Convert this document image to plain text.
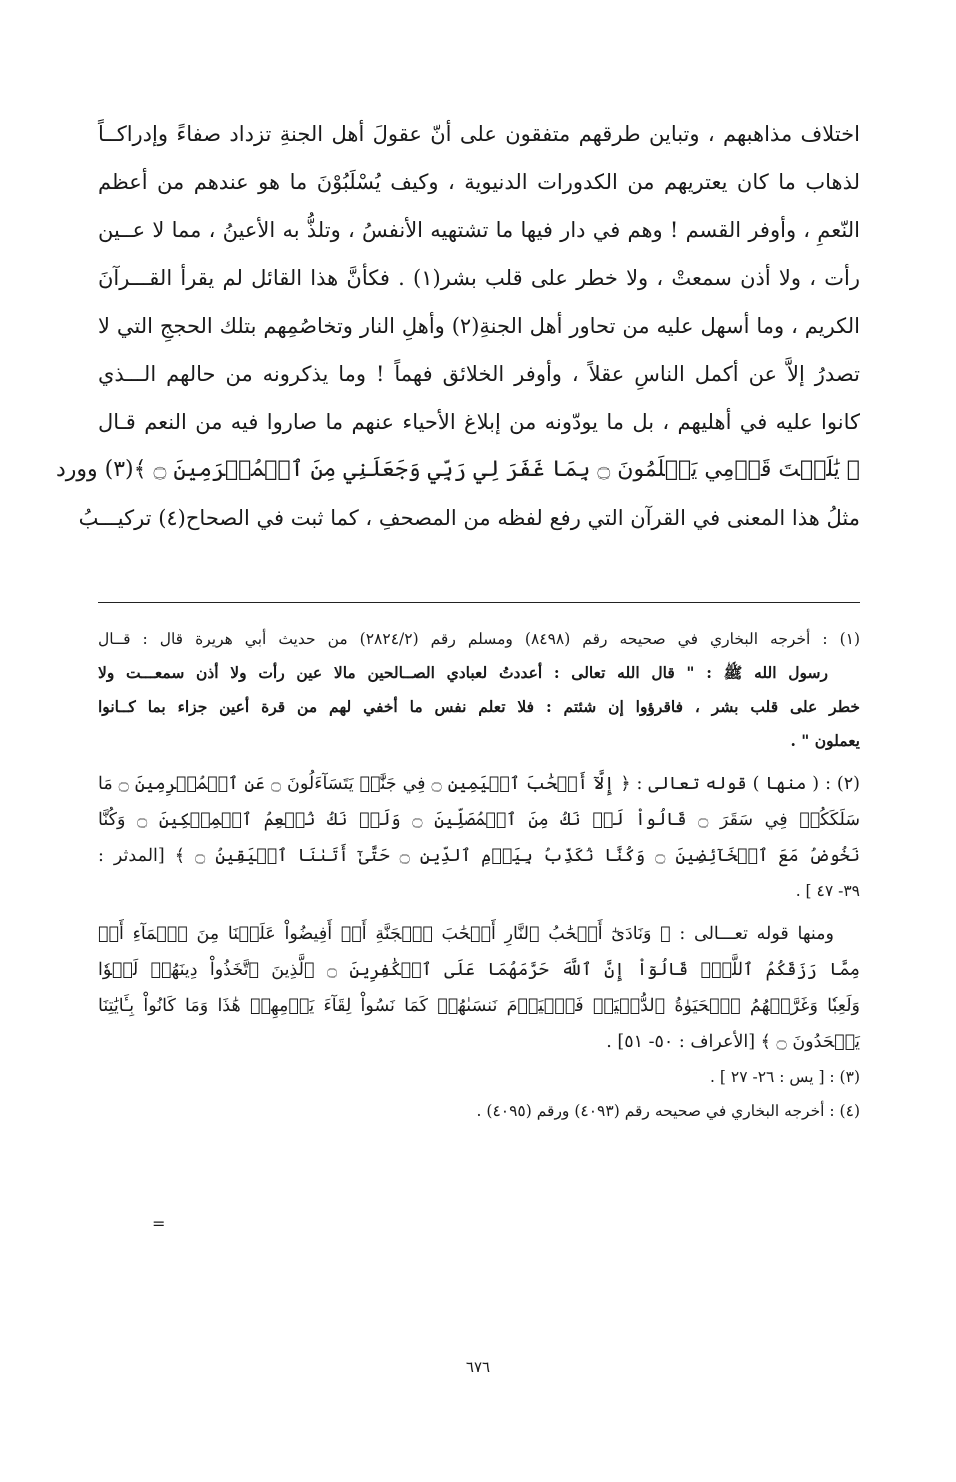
اختلاف مذاهبهم ، وتباين طرقهم متفقون على أنّ عقولَ أهل الجنةِ تزداد صفاءً وإدراكــاً
لذهاب ما كان يعتريهم من الكدورات الدنيوية ، وكيف يُسْلَبُوْنَ ما هو عندهم من أعظم
النّعمِ ، وأوفر القسم ! وهم في دار فيها ما تشتهيه الأنفسُ ، وتلذُّ به الأعينُ ، مما لا عــين
رأت ، ولا أذن سمعتْ ، ولا خطر على قلب بشر(١) . فكأنَّ هذا القائل لم يقرأ القـــرآنَ
الكريم ، وما أسهل عليه من تحاور أهل الجنةِ(٢) وأهلِ النار وتخاصُمِهم بتلك الحججِ التي لا
تصدرُ إلاَّ عن أكمل الناسِ عقلاً ، وأوفر الخلائق فهماً ! وما يذكرونه من حالهم الـــذي
كانوا عليه في أهليهم ، بل ما يودّونه من إبلاغ الأحياء عنهم ما صاروا فيه من النعم قـال
﴿ يَٰلَيۡتَ قَوۡمِي يَعۡلَمُونَ ۝ بِمَا غَفَرَ لِي رَبِّي وَجَعَلَنِي مِنَ ٱلۡمُكۡرَمِينَ ۝ ﴾(٣) وورد
مثلُ هذا المعنى في القرآن التي رفع لفظه من المصحفِ ، كما ثبت في الصحاح(٤) تركيـــبُ
(١) : أخرجه البخاري في صحيحه رقم (٨٤٩٨) ومسلم رقم (٢٨٢٤/٢) من حديث أبي هريرة قال : قــال
رسول الله ﷺ : " قال الله تعالى : أعددتُ لعبادي الصــالحين مالا عين رأت ولا أذن سمعـــت ولا
خطر على قلب بشر ، فاقرؤوا إن شئتم : فلا تعلم نفس ما أخفي لهم من قرة أعين جزاء بما كــانوا
يعملون " .
(٢) : ( منها ) قوله تعالى : ﴿ إِلَّآ أَصۡحَٰبَ ٱلۡيَمِينِ ۝ فِي جَنَّٰتٖ يَتَسَآءَلُونَ ۝ عَنِ ٱلۡمُجۡرِمِينَ ۝ مَا
سَلَكَكُمۡ فِي سَقَرَ ۝ قَالُواْ لَمۡ نَكُ مِنَ ٱلۡمُصَلِّينَ ۝ وَلَمۡ نَكُ نُطۡعِمُ ٱلۡمِسۡكِينَ ۝ وَكُنَّا
نَخُوضُ مَعَ ٱلۡخَآئِضِينَ ۝ وَكُنَّا نُكَذِّبُ بِيَوۡمِ ٱلدِّينِ ۝ حَتَّىٰٓ أَتَىٰنَا ٱلۡيَقِينُ ۝ ﴾ [المدثر :
٣٩- ٤٧ ] .
ومنها قوله تعـــالى : ﴿ وَنَادَىٰٓ أَصۡحَٰبُ ٱلنَّارِ أَصۡحَٰبَ ٱلۡجَنَّةِ أَنۡ أَفِيضُواْ عَلَيۡنَا مِنَ ٱلۡمَآءِ أَوۡ
مِمَّا رَزَقَكُمُ ٱللَّهُۚ قَالُوٓاْ إِنَّ ٱللَّهَ حَرَّمَهُمَا عَلَى ٱلۡكَٰفِرِينَ ۝ ٱلَّذِينَ ٱتَّخَذُواْ دِينَهُمۡ لَهۡوٗا
وَلَعِبٗا وَغَرَّتۡهُمُ ٱلۡحَيَوٰةُ ٱلدُّنۡيَاۚ فَٱلۡيَوۡمَ نَنسَىٰهُمۡ كَمَا نَسُواْ لِقَآءَ يَوۡمِهِمۡ هَٰذَا وَمَا كَانُواْ بِـَٔايَٰتِنَا
يَجۡحَدُونَ ۝ ﴾ [الأعراف : ٥٠- ٥١] .
(٣) : [ يس : ٢٦- ٢٧ ] .
(٤) : أخرجه البخاري في صحيحه رقم (٤٠٩٣) ورقم (٤٠٩٥) .
=
٦٧٦
